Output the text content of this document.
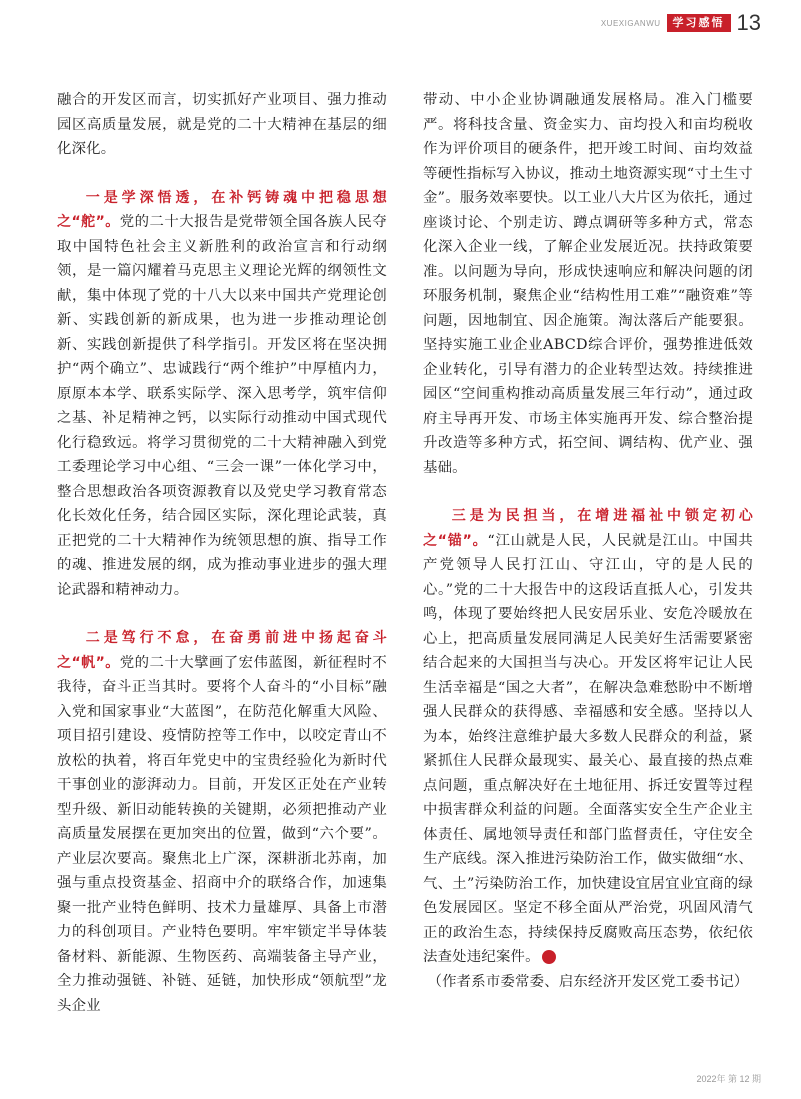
XUEXIGANWU	学习感悟 13

融合的开发区而言，切实抓好产业项目、强力推动园区高质量发展，就是党的二十大精神在基层的细化深化。

一是学深悟透，在补钙铸魂中把稳思想之“舵”。党的二十大报告是党带领全国各族人民夺取中国特色社会主义新胜利的政治宣言和行动纲领，是一篇闪耀着马克思主义理论光辉的纲领性文献，集中体现了党的十八大以来中国共产党理论创新、实践创新的新成果，也为进一步推动理论创新、实践创新提供了科学指引。开发区将在坚决拥护“两个确立”、忠诚践行“两个维护”中厚植内力，原原本本学、联系实际学、深入思考学，筑牢信仰之基、补足精神之钙，以实际行动推动中国式现代化行稳致远。将学习贯彻党的二十大精神融入到党工委理论学习中心组、“三会一课”一体化学习中，整合思想政治各项资源教育以及党史学习教育常态化长效化任务，结合园区实际，深化理论武装，真正把党的二十大精神作为统领思想的旗、指导工作的魂、推进发展的纲，成为推动事业进步的强大理论武器和精神动力。

二是笃行不怠，在奋勇前进中扬起奋斗之“帆”。党的二十大擘画了宏伟蓝图，新征程时不我待，奋斗正当其时。要将个人奋斗的“小目标”融入党和国家事业“大蓝图”，在防范化解重大风险、项目招引建设、疫情防控等工作中，以咬定青山不放松的执着，将百年党史中的宝贵经验化为新时代干事创业的澎湃动力。目前，开发区正处在产业转型升级、新旧动能转换的关键期，必须把推动产业高质量发展摆在更加突出的位置，做到“六个要”。产业层次要高。聚焦北上广深，深耕浙北苏南，加强与重点投资基金、招商中介的联络合作，加速集聚一批产业特色鲜明、技术力量雄厚、具备上市潜力的科创项目。产业特色要明。牢牢锁定半导体装备材料、新能源、生物医药、高端装备主导产业，全力推动强链、补链、延链，加快形成“领航型”龙头企业

带动、中小企业协调融通发展格局。准入门槛要严。将科技含量、资金实力、亩均投入和亩均税收作为评价项目的硬条件，把开竣工时间、亩均效益等硬性指标写入协议，推动土地资源实现“寸土生寸金”。服务效率要快。以工业八大片区为依托，通过座谈讨论、个别走访、蹲点调研等多种方式，常态化深入企业一线，了解企业发展近况。扶持政策要准。以问题为导向，形成快速响应和解决问题的闭环服务机制，聚焦企业“结构性用工难”“融资难”等问题，因地制宜、因企施策。淘汰落后产能要狠。坚持实施工业企业ABCD综合评价，强势推进低效企业转化，引导有潜力的企业转型达效。持续推进园区“空间重构推动高质量发展三年行动”，通过政府主导再开发、市场主体实施再开发、综合整治提升改造等多种方式，拓空间、调结构、优产业、强基础。

三是为民担当，在增进福祉中锁定初心之“锚”。“江山就是人民，人民就是江山。中国共产党领导人民打江山、守江山，守的是人民的心。”党的二十大报告中的这段话直抵人心，引发共鸣，体现了要始终把人民安居乐业、安危冷暖放在心上，把高质量发展同满足人民美好生活需要紧密结合起来的大国担当与决心。开发区将牢记让人民生活幸福是“国之大者”，在解决急难愁盼中不断增强人民群众的获得感、幸福感和安全感。坚持以人为本，始终注意维护最大多数人民群众的利益，紧紧抓住人民群众最现实、最关心、最直接的热点难点问题，重点解决好在土地征用、拆迁安置等过程中损害群众利益的问题。全面落实安全生产企业主体责任、属地领导责任和部门监督责任，守住安全生产底线。深入推进污染防治工作，做实做细“水、气、土”污染防治工作，加快建设宜居宜业宜商的绿色发展园区。坚定不移全面从严治党，巩固风清气正的政治生态，持续保持反腐败高压态势，依纪依法查处违纪案件。	运

（作者系市委常委、启东经济开发区党工委书记）

2022年 第 12 期
